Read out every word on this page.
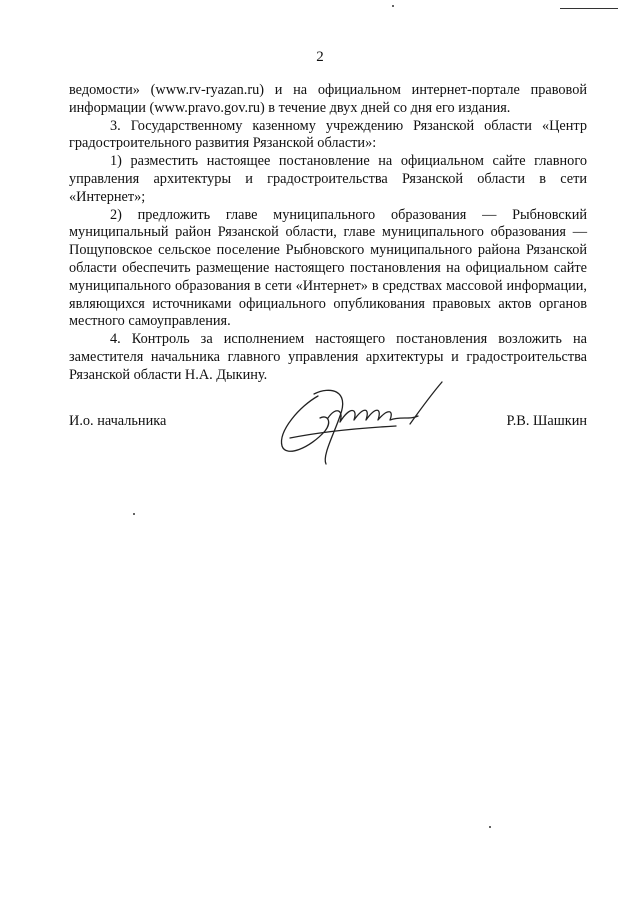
2

ведомости» (www.rv-ryazan.ru) и на официальном интернет-портале правовой информации (www.pravo.gov.ru) в течение двух дней со дня его издания.

3. Государственному казенному учреждению Рязанской области «Центр градостроительного развития Рязанской области»:

1) разместить настоящее постановление на официальном сайте главного управления архитектуры и градостроительства Рязанской области в сети «Интернет»;

2) предложить главе муниципального образования — Рыбновский муниципальный район Рязанской области, главе муниципального образования — Пощуповское сельское поселение Рыбновского муниципального района Рязанской области обеспечить размещение настоящего постановления на официальном сайте муниципального образования в сети «Интернет» в средствах массовой информации, являющихся источниками официального опубликования правовых актов органов местного самоуправления.

4. Контроль за исполнением настоящего постановления возложить на заместителя начальника главного управления архитектуры и градостроительства Рязанской области Н.А. Дыкину.

И.о. начальника	Р.В. Шашкин
